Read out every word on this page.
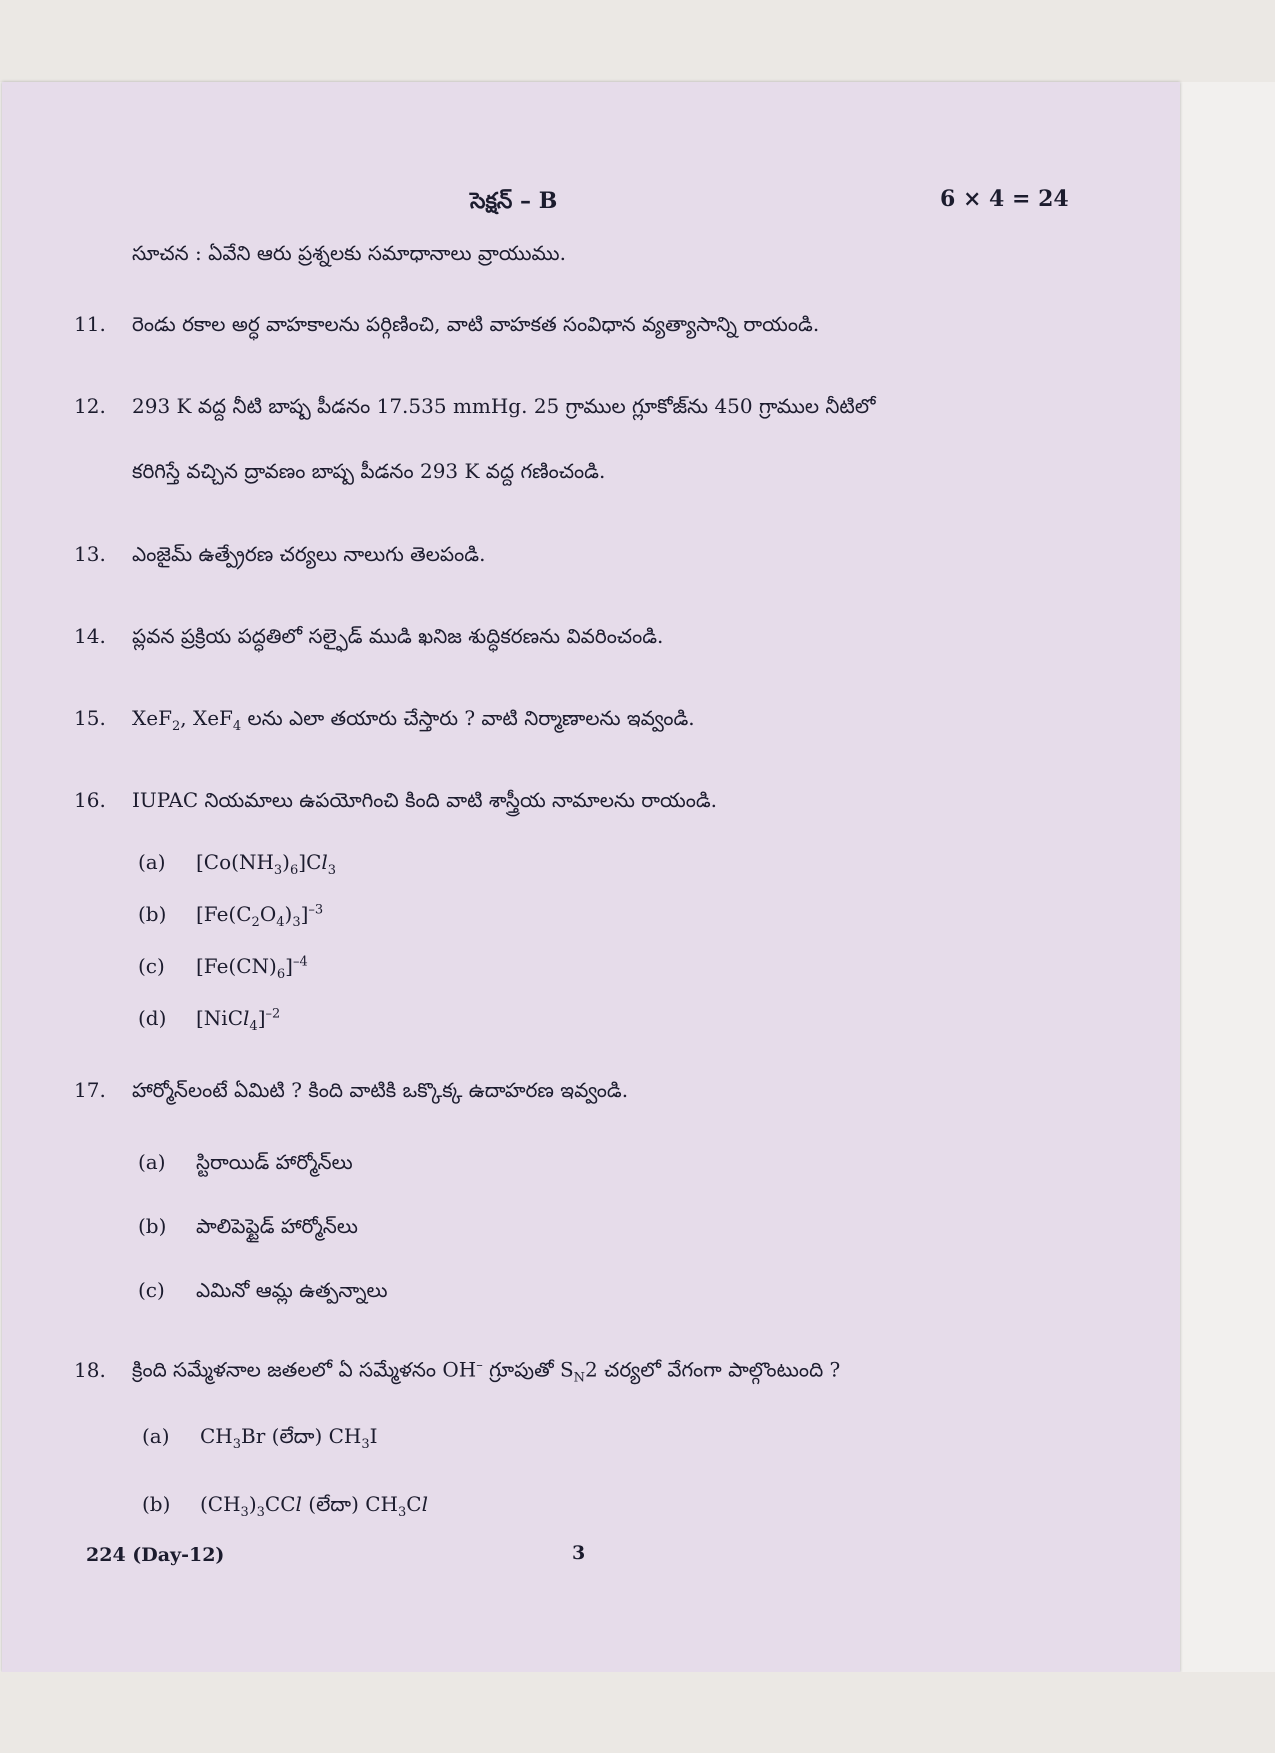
సెక్షన్ – B	6 × 4 = 24
సూచన : ఏవేని ఆరు ప్రశ్నలకు సమాధానాలు వ్రాయుము.
11. రెండు రకాల అర్ధ వాహకాలను పర్గిణించి, వాటి వాహకత సంవిధాన వ్యత్యాసాన్ని రాయండి.
12. 293 K వద్ద నీటి బాష్ప పీడనం 17.535 mmHg. 25 గ్రాముల గ్లూకోజ్‌ను 450 గ్రాముల నీటిలో
కరిగిస్తే వచ్చిన ద్రావణం బాష్ప పీడనం 293 K వద్ద గణించండి.
13. ఎంజైమ్ ఉత్ప్రేరణ చర్యలు నాలుగు తెలపండి.
14. ప్లవన ప్రక్రియ పద్ధతిలో సల్ఫైడ్ ముడి ఖనిజ శుద్ధికరణను వివరించండి.
15. XeF$_2$, XeF$_4$ లను ఎలా తయారు చేస్తారు ? వాటి నిర్మాణాలను ఇవ్వండి.
16. IUPAC నియమాలు ఉపయోగించి కింది వాటి శాస్త్రీయ నామాలను రాయండి.
(a) $[Co(NH_3)_6]Cl_3$
(b) $[Fe(C_2O_4)_3]^{-3}$
(c) $[Fe(CN)_6]^{-4}$
(d) [NiCl$_4$]$^{-2}$
17. హార్మోన్‌లంటే ఏమిటి ? కింది వాటికి ఒక్కొక్క ఉదాహరణ ఇవ్వండి.
(a) స్టిరాయిడ్ హార్మోన్‌లు
(b) పాలిపెప్టైడ్ హార్మోన్‌లు
(c) ఎమినో ఆమ్ల ఉత్పన్నాలు
18. క్రింది సమ్మేళనాల జతలలో ఏ సమ్మేళనం OH– గ్రూపుతో $S_N2$ చర్యలో వేగంగా పాల్గొంటుంది ?
(a) $CH_3Br$ (లేదా) $CH_3I$
(b) $(CH_3)_3CCl$ (లేదా) $CH_3Cl$
224 (Day-12)	3
